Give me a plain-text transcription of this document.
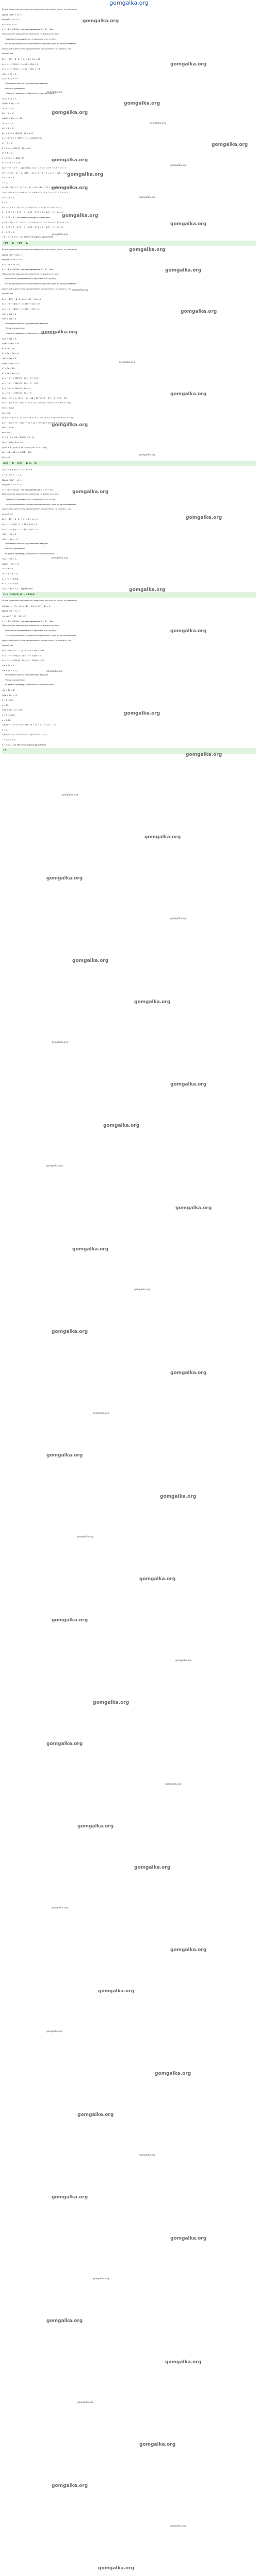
gomgalka.org
Если в уравнении переменная содержится под знаком корня, то уравнение
Пусть √(2x² + 3) = t
тогда t² − 2t = 3,
t² − 2t − 3 = 0,
t = (−b ± √D)/2a , где дискриминант D = b² − 4ac
При решении квадратного уравнения по формуле нужно:
• вычислить дискриминант и сравнить его с нулём;
• если дискриминант положителен или равен нулю, то воспользоваться
формулой корней, если дискриминант отрицателен, то записать, что
корней нет
D = (−2)² − 4 · 1 · (−3) = 4 + 12 = 16
t₁ = (2 + √16)/(2 · 1) = (2 + 4)/2 = 3,
t₂ = (2 − √16)/(2 · 1) = (2 − 4)/2 = −1
√(2x² + 3) = 3,
√(2x² + 3) = −1
• Возведите обе части уравнения в квадрат.
• Решить уравнение.
• Сделать проверку, отбросив посторонние корни.
√(2x² + 3) = 3,
(√(2x² + 3))² = 3²,
2x² + 3 = 9,
2x² − 6 = 0,
(√(2x² + 3))² = (−1)²,
2x² + 3 = 1,
2x² + 2 = 0,
x₁,₂ = (−0 ± √48)/(2 · 2) = ±√3,
x₁,₂ = (−0 ± √−16)/(2 · 2) — корней нет
x² − 3 = 0,
x = (−0 ± √12)/(2 · 1) = ±√3
x² + 1 = 0,
x = (−0 ± √−4)/(2 · 1)
x₂ = −√3 = −1,732 ...
(√3)² − 2 · √3 + ... проверка: 2√(2 · 3 + 3) = 2√9 = 6, 6 − 3 = 3
10 − 2√(10 − 1) − 2 · √(10 − 1) = 10 − 6 − 2 = 2, 2 − 2√1 ... = 3
9 − 2√9 = 3
3 = 3,
(−√10 − 1)² + 2 · (−√10 − 1) − 2√(−√10 − 1)² + 2(−√10 − 1) + 3 = 3
10 + 2√10 + 1 − 2√10 − 2 − 2√(10 + 2√10 + 1 − 2√10 − 2 + 3) = 3,
9 − 2√9 = 3,
3 = 3,
(√3 − 1)² + 2 · (√3 − 1) − 2√((√3 − 1)² + 2(√3 − 1) + 3) = 3,
3 − 2√3 + 1 + 2√3 − 2 − 2√(3 − 2√3 + 1 + 2√3 − 2 + 3) = 3,
2 − 2√5 = 3 — не является корнем уравнения
(−√3 − 1)² + 2 · (−√3 − 1) − 2√((−√3 − 1)² + 2(−√3 − 1) + 3) = 3,
3 + 2√3 + 1 − 2√3 − 2 − 2√(3 + 2√3 + 1 − 2√3 − 2 + 3) = 3,
2 − 2√5 = 3,
−1 = 3, −1 ≠ 3 — не является корнем уравнения.
√10 − 1; −√10 − 1.
Если в уравнении переменная содержится под знаком корня, то уравнение
Пусть √(x² + 6x) = t
тогда t² + 24 = 10t,
t² − 10t + 24 = 0,
t = (−b ± √D)/2a , где дискриминант D = b² − 4ac
При решении квадратного уравнения по формуле нужно:
• вычислить дискриминант и сравнить его с нулём;
• если дискриминант положителен или равен нулю, то воспользоваться
формулой корней, если дискриминант отрицателен, то записать, что
корней нет
D = (−10)² − 4 · 1 · 24 = 100 − 96 = 4
t₁ = (10 + √4)/(2 · 1) = (10 + 2)/2 = 6,
t₂ = (10 − √4)/(2 · 1) = (10 − 2)/2 = 4
√(x² + 6x) = 6,
√(x² + 6x) = 4
• Возведите обе части уравнения в квадрат.
• Решить уравнение.
• Сделать проверку, отбросив посторонние корни.
√(x² + 6x) = 6,
(√(x² + 6x))² = 6²,
x² + 6x = 36,
x² + 6x − 36 = 0,
√(x² + 6x) = 4,
(√(x² + 6x))² = 4²,
x² + 6x = 16,
x² + 6x − 16 = 0,
x₁ = (−6 + √180)/(2 · 1) = −3 + 3√5,
x₂ = (−6 − √180)/(2 · 1) = −3 − 3√5,
x₃ = (−6 + √100)/(2 · 1) = 2,
x₄ = (−6 − √100)/(2 · 1) = −8
(3√5 − 3)² + 6 · (3√5 − 3) + 24 = 10√((3√5 − 3)² + 6 · (3√5 − 3)),
45 − 18√5 + 9 + 18√5 − 18 + 24 = 10√(45 − 18√5 + 9 + 18√5 − 18),
60 = 10√36,
60 = 60,
(−3√5 − 3)² + 6 · (−3√5 − 3) + 24 = 10√((−3√5 − 3)² + 6 · (−3√5 − 3)),
45 + 18√5 + 9 − 18√5 − 18 + 24 = 10√(45 + 18√5 + 9 − 18√5 − 18),
60 = 10√36,
60 = 60,
2² + 6 · 2 + 24 = 10√(2² + 6 · 2),
40 = 10√16, 40 = 40,
(−8)² + 6 · (−8) + 24 = 10√((−8)² + 6 · (−8)),
64 − 48 + 24 = 10√(64 − 48),
40 = 40
3√5 − 3; −3√5 − 3; 2; −8.
√(2x² − x + 4)/2 = 3 − 2x² + x ...
2 − x · 2x² + ... = 2,
Пусть √(2x² − x) = t
тогда t² − t − 2 = 0,
t = (−b ± √D)/2a , где дискриминант D = b² − 4ac
При решении квадратного уравнения по формуле нужно:
• вычислить дискриминант и сравнить его с нулём;
• если дискриминант положителен или равен нулю, то воспользоваться
формулой корней, если дискриминант отрицателен, то записать, что
корней нет
D = (−1)² − 4 · 1 · (−2) = 1 + 8 = 9
t₁ = (1 + √9)/(2 · 1) = (1 + 3)/2 = 2,
t₂ = (1 − √9)/(2 · 1) = (1 − 3)/2 = −1
√(2x² − x) = 2,
√(2x² − x) = −1
• Возведите обе части уравнения в квадрат.
• Решить уравнение.
• Сделать проверку, отбросив посторонние корни.
√(2x² − x) = 2,
(√(2x² − x))² = 2²,
2x² − x = 4,
2x² − x − 4 = 0,
x₁ = (1 + √33)/4,
x₂ = (1 − √33)/4,
√(2x² − x) = −1 — корней нет
(1 + √33)/4; (1 − √33)/4.
Если в уравнении переменная содержится под знаком корня, то уравнение
3/(√(x+1) − 1) + (2√(x+1) − 1)/(√(x+1) − 1) = 5,
Пусть √(x + 1) = t
тогда 2t² − 3t − 20 = 0,
t = (−b ± √D)/2a , где дискриминант D = b² − 4ac
При решении квадратного уравнения по формуле нужно:
• вычислить дискриминант и сравнить его с нулём;
• если дискриминант положителен или равен нулю, то воспользоваться
формулой корней, если дискриминант отрицателен, то записать, что
корней нет
D = (−3)² − 4 · 2 · (−20) = 9 + 160 = 169
t₁ = (3 + √169)/(2 · 2) = (3 + 13)/4 = 4,
t₂ = (3 − √169)/(2 · 2) = (3 − 13)/4 = −2,5
√(x + 1) = 4,
√(x + 1) = −2,5
• Возведите обе части уравнения в квадрат.
• Решить уравнение.
• Сделать проверку, отбросив посторонние корни.
√(x + 1) = 4,
(√(x + 1))² = 4²,
x + 1 = 16,
x = 15,
(√(x + 1))² = (−2,5)²,
x + 1 = 6,25,
x = 5,25,
3/(√16 − 1) + (2√16 − 1)/(√16 − 1) = 5, 1 + 7/3 ... = 5
5 = 5,
3/(√6,25 − 1) + (2√6,25 − 1)/(√6,25 − 1) = 5,
2 + 4/1,5 ≠ 5,
x = 5,25 — не является корнем уравнения.
15.
gomgalka.org
gomgalka.org
gomgalka.org
gomgalka.org
gomgalka.org
gomgalka.org
gomgalka.org
gomgalka.org
gomgalka.org
gomgalka.org
gomgalka.org
gomgalka.org
gomgalka.org
gomgalka.org
gomgalka.org
gomgalka.org
gomgalka.org
gomgalka.org
gomgalka.org
gomgalka.org
gomgalka.org
gomgalka.org
gomgalka.org
gomgalka.org
gomgalka.org
gomgalka.org
gomgalka.org
gomgalka.org
gomgalka.org
gomgalka.org
gomgalka.org
gomgalka.org
gomgalka.org
gomgalka.org
gomgalka.org
gomgalka.org
gomgalka.org
gomgalka.org
gomgalka.org
gomgalka.org
gomgalka.org
gomgalka.org
gomgalka.org
gomgalka.org
gomgalka.org
gomgalka.org
gomgalka.org
gomgalka.org
gomgalka.org
gomgalka.org
gomgalka.org
gomgalka.org
gomgalka.org
gomgalka.org
gomgalka.org
gomgalka.org
gomgalka.org
gomgalka.org
gomgalka.org
gomgalka.org
gomgalka.org
gomgalka.org
gomgalka.org
gomgalka.org
gomgalka.org
gomgalka.org
gomgalka.org
gomgalka.org
gomgalka.org
gomgalka.org
gomgalka.org
gomgalka.org
gomgalka.org
gomgalka.org
gomgalka.org
gomgalka.org
